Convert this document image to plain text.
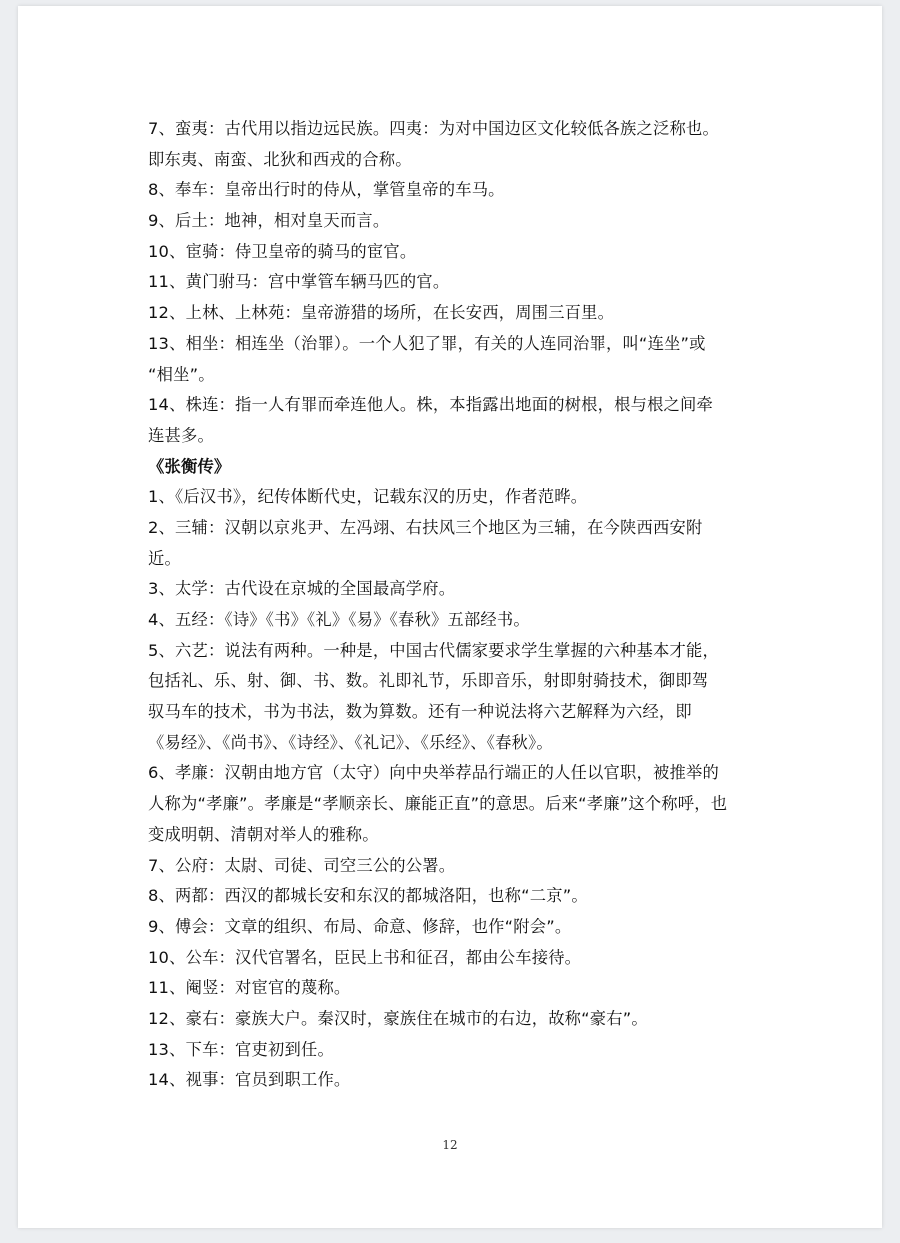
7、蛮夷：古代用以指边远民族。四夷：为对中国边区文化较低各族之泛称也。
即东夷、南蛮、北狄和西戎的合称。
8、奉车：皇帝出行时的侍从，掌管皇帝的车马。
9、后土：地神，相对皇天而言。
10、宦骑：侍卫皇帝的骑马的宦官。
11、黄门驸马：宫中掌管车辆马匹的官。
12、上林、上林苑：皇帝游猎的场所，在长安西，周围三百里。
13、相坐：相连坐（治罪）。一个人犯了罪，有关的人连同治罪，叫“连坐”或
“相坐”。
14、株连：指一人有罪而牵连他人。株，本指露出地面的树根，根与根之间牵
连甚多。
《张衡传》
1、《后汉书》，纪传体断代史，记载东汉的历史，作者范晔。
2、三辅：汉朝以京兆尹、左冯翊、右扶风三个地区为三辅，在今陕西西安附
近。
3、太学：古代设在京城的全国最高学府。
4、五经：《诗》《书》《礼》《易》《春秋》五部经书。
5、六艺：说法有两种。一种是，中国古代儒家要求学生掌握的六种基本才能，
包括礼、乐、射、御、书、数。礼即礼节，乐即音乐，射即射骑技术，御即驾
驭马车的技术，书为书法，数为算数。还有一种说法将六艺解释为六经，即
《易经》、《尚书》、《诗经》、《礼记》、《乐经》、《春秋》。
6、孝廉：汉朝由地方官（太守）向中央举荐品行端正的人任以官职，被推举的
人称为“孝廉”。孝廉是“孝顺亲长、廉能正直”的意思。后来“孝廉”这个称呼，也
变成明朝、清朝对举人的雅称。
7、公府：太尉、司徒、司空三公的公署。
8、两都：西汉的都城长安和东汉的都城洛阳，也称“二京”。
9、傅会：文章的组织、布局、命意、修辞，也作“附会”。
10、公车：汉代官署名，臣民上书和征召，都由公车接待。
11、阉竖：对宦官的蔑称。
12、豪右：豪族大户。秦汉时，豪族住在城市的右边，故称“豪右”。
13、下车：官吏初到任。
14、视事：官员到职工作。
12
